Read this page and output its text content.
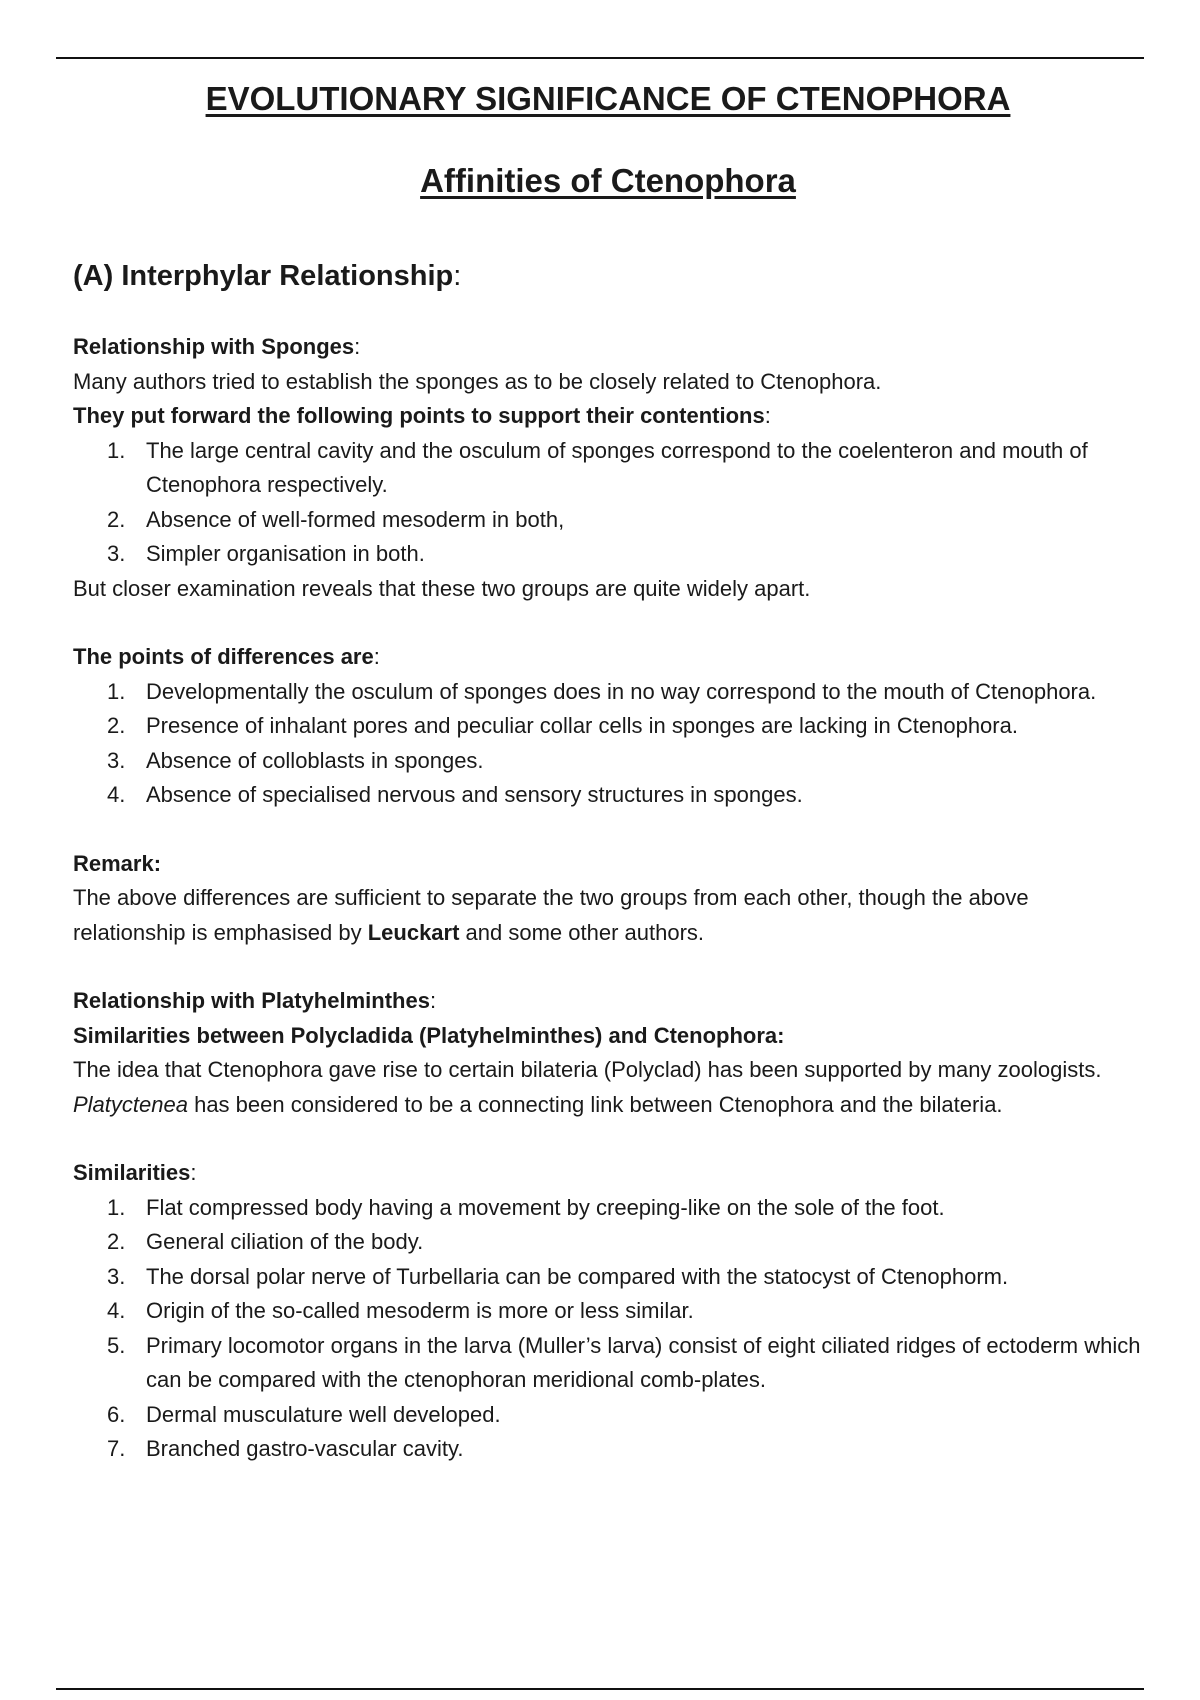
EVOLUTIONARY SIGNIFICANCE OF CTENOPHORA
Affinities of Ctenophora
(A) Interphylar Relationship:

Relationship with Sponges:

Many authors tried to establish the sponges as to be closely related to Ctenophora.

They put forward the following points to support their contentions:

1. The large central cavity and the osculum of sponges correspond to the coelenteron and mouth of Ctenophora respectively.
2. Absence of well-formed mesoderm in both,
3. Simpler organisation in both.

But closer examination reveals that these two groups are quite widely apart.

The points of differences are:

1. Developmentally the osculum of sponges does in no way correspond to the mouth of Ctenophora.
2. Presence of inhalant pores and peculiar collar cells in sponges are lacking in Ctenophora.
3. Absence of colloblasts in sponges.
4. Absence of specialised nervous and sensory structures in sponges.

Remark:

The above differences are sufficient to separate the two groups from each other, though the above relationship is emphasised by Leuckart and some other authors.

Relationship with Platyhelminthes:

Similarities between Polycladida (Platyhelminthes) and Ctenophora:

The idea that Ctenophora gave rise to certain bilateria (Polyclad) has been supported by many zoologists. Platyctenea has been considered to be a connecting link between Ctenophora and the bilateria.

Similarities:

1. Flat compressed body having a movement by creeping-like on the sole of the foot.
2. General ciliation of the body.
3. The dorsal polar nerve of Turbellaria can be compared with the statocyst of Ctenophorm.
4. Origin of the so-called mesoderm is more or less similar.
5. Primary locomotor organs in the larva (Muller’s larva) consist of eight ciliated ridges of ectoderm which can be compared with the ctenophoran meridional comb-plates.
6. Dermal musculature well developed.
7. Branched gastro-vascular cavity.
